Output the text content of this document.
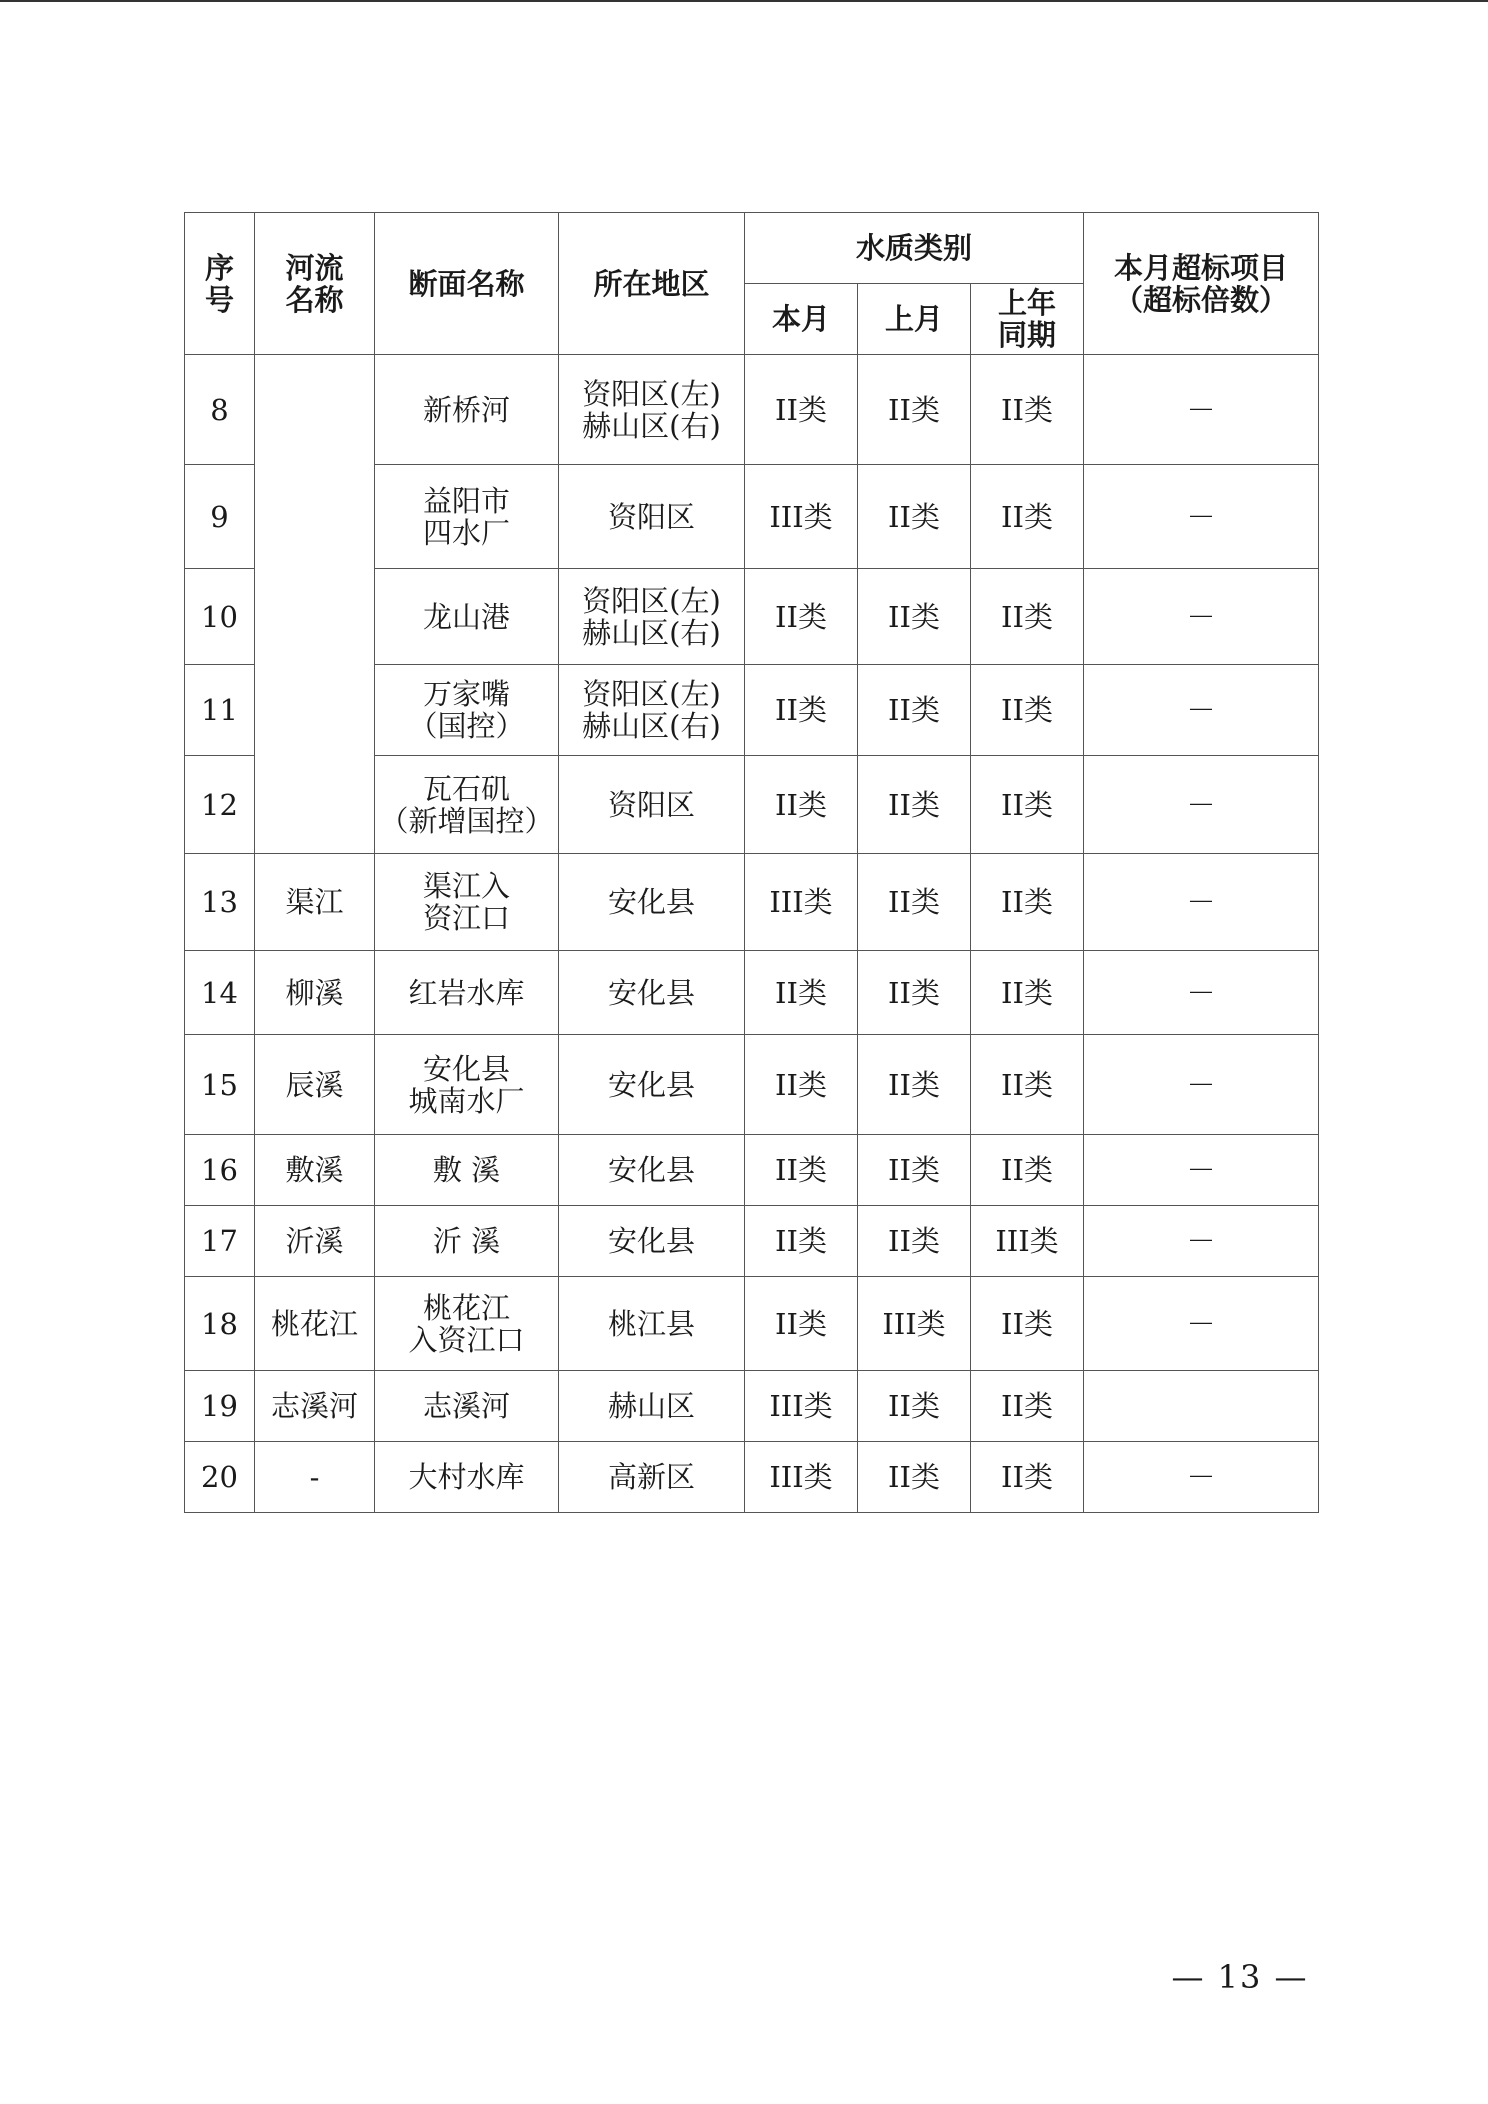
序
号	河流
名称	断面名称	所在地区	水质类别			本月超标项目
（超标倍数）

				本月	上月	上年
同期	

8		新桥河	资阳区(左)
赫山区(右)	II类	II类	II类	－
9		益阳市
四水厂	资阳区	III类	II类	II类	－
10		龙山港	资阳区(左)
赫山区(右)	II类	II类	II类	－
11		万家嘴
（国控）	资阳区(左)
赫山区(右)	II类	II类	II类	－
12		瓦石矶
（新增国控）	资阳区	II类	II类	II类	－
13	渠江	渠江入
资江口	安化县	III类	II类	II类	－
14	柳溪	红岩水库	安化县	II类	II类	II类	－
15	辰溪	安化县
城南水厂	安化县	II类	II类	II类	－
16	敷溪	敷 溪	安化县	II类	II类	II类	－
17	沂溪	沂 溪	安化县	II类	II类	III类	－
18	桃花江	桃花江
入资江口	桃江县	II类	III类	II类	－
19	志溪河	志溪河	赫山区	III类	II类	II类	
20	-	大村水库	高新区	III类	II类	II类	－
— 13 —
